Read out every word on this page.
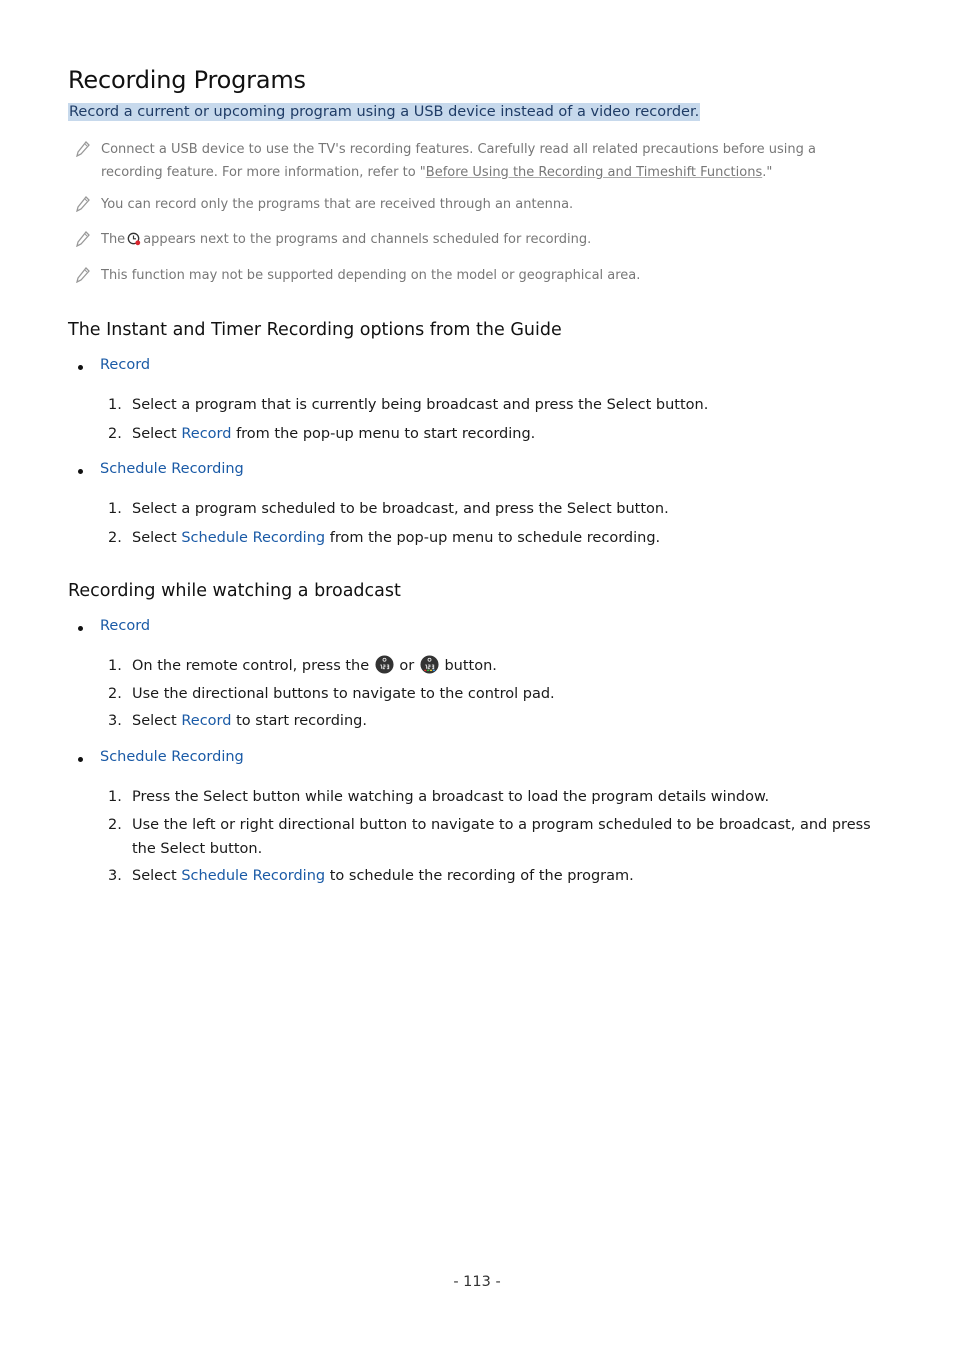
Recording Programs
Record a current or upcoming program using a USB device instead of a video recorder.
Connect a USB device to use the TV's recording features. Carefully read all related precautions before using a recording feature. For more information, refer to "Before Using the Recording and Timeshift Functions."
You can record only the programs that are received through an antenna.
The appears next to the programs and channels scheduled for recording.
This function may not be supported depending on the model or geographical area.
The Instant and Timer Recording options from the Guide
Record
1. Select a program that is currently being broadcast and press the Select button.
2. Select Record from the pop-up menu to start recording.
Schedule Recording
1. Select a program scheduled to be broadcast, and press the Select button.
2. Select Schedule Recording from the pop-up menu to schedule recording.
Recording while watching a broadcast
Record
1. On the remote control, press the or button.
2. Use the directional buttons to navigate to the control pad.
3. Select Record to start recording.
Schedule Recording
1. Press the Select button while watching a broadcast to load the program details window.
2. Use the left or right directional button to navigate to a program scheduled to be broadcast, and press the Select button.
3. Select Schedule Recording to schedule the recording of the program.
- 113 -
